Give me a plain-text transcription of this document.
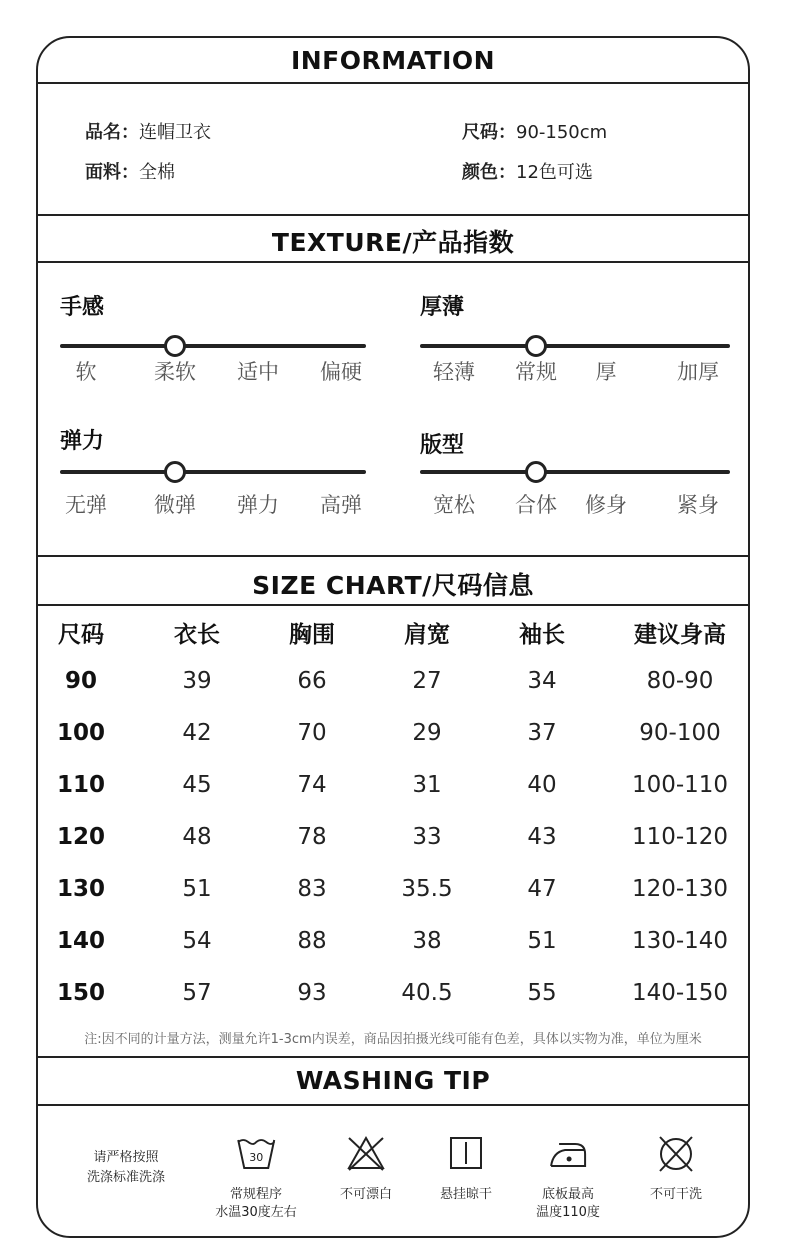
INFORMATION
品名：连帽卫衣
面料：全棉
尺码：90-150cm
颜色：12色可选
TEXTURE/产品指数
手感
软	柔软 适中 偏硬
厚薄
轻薄 常规 厚	加厚
弹力
无弹 微弹 弹力 高弹
版型
宽松 合体 修身 紧身
SIZE CHART/尺码信息
尺码	衣长	胸围	肩宽	袖长	建议身高
90	39	66	27	34	80-90
100	42	70	29	37	90-100
110	45	74	31	40	100-110
120	48	78	33	43	110-120
130	51	83	35.5	47	120-130
140	54	88	38	51	130-140
150	57	93	40.5	55	140-150
注:因不同的计量方法，测量允许1-3cm内误差，商品因拍摄光线可能有色差，具体以实物为准，单位为厘米
WASHING TIP
请严格按照
洗涤标准洗涤
30
常规程序
水温30度左右
不可漂白	悬挂晾干	底板最高
温度110度
不可干洗
